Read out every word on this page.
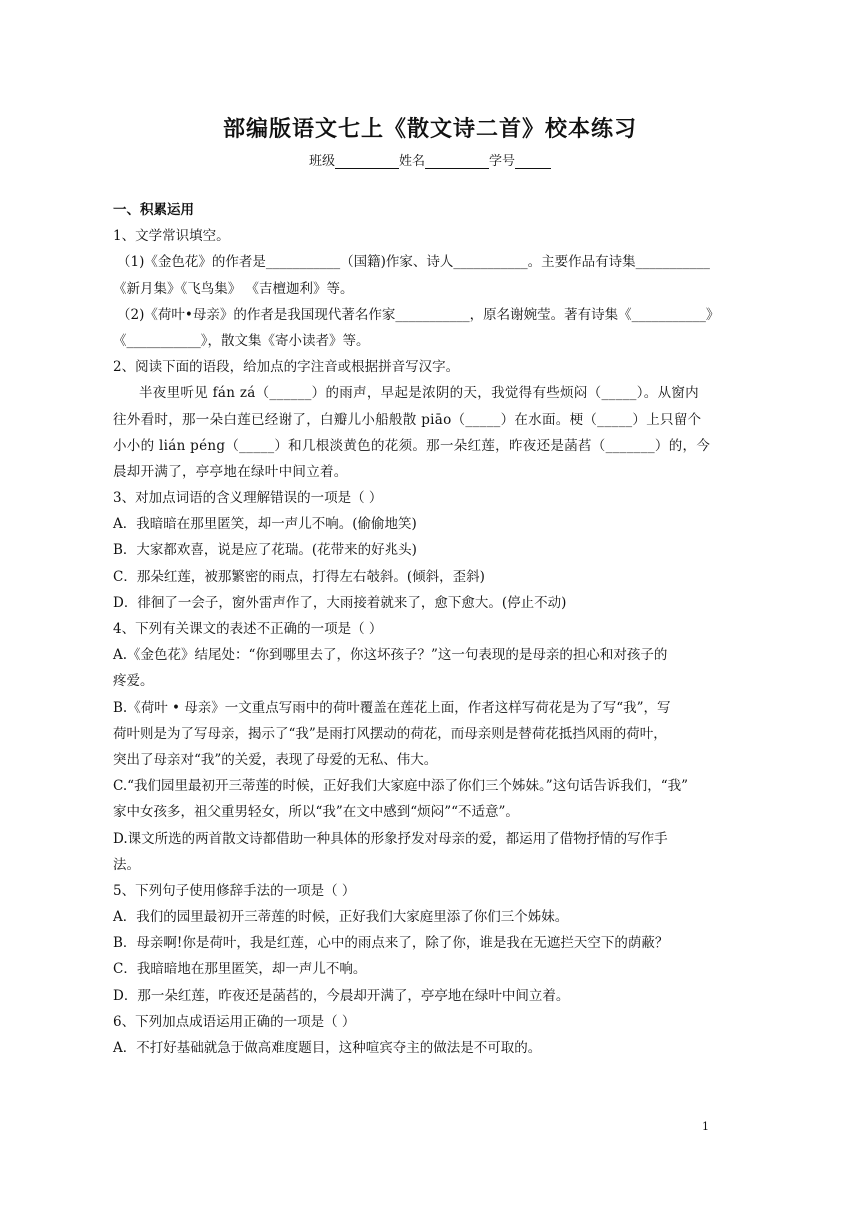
部编版语文七上《散文诗二首》校本练习
班级	姓名	学号
一、积累运用
1、文学常识填空。
（1)《金色花》的作者是___________（国籍)作家、诗人___________。主要作品有诗集___________
《新月集》《飞鸟集》 《吉檀迦利》等。
（2)《荷叶•母亲》的作者是我国现代著名作家___________，原名谢婉莹。著有诗集《___________》
《___________》，散文集《寄小读者》等。
2、阅读下面的语段，给加点的字注音或根据拼音写汉字。
半夜里听见 fán zá（______）的雨声，早起是浓阴的天，我觉得有些烦闷（_____）。从窗内
往外看时，那一朵白莲已经谢了，白瓣儿小船般散 piāo（_____）在水面。梗（_____）上只留个
小小的 lián péng（_____）和几根淡黄色的花须。那一朵红莲，昨夜还是菡萏（_______）的，今
晨却开满了，亭亭地在绿叶中间立着。
3、对加点词语的含义理解错误的一项是（ ）
A．我暗暗在那里匿笑，却一声儿不响。(偷偷地笑)
B．大家都欢喜，说是应了花瑞。(花带来的好兆头)
C．那朵红莲，被那繁密的雨点，打得左右攲斜。(倾斜，歪斜)
D．徘徊了一会子，窗外雷声作了，大雨接着就来了，愈下愈大。(停止不动)
4、下列有关课文的表述不正确的一项是（ ）
A.《金色花》结尾处：“你到哪里去了，你这坏孩子？”这一句表现的是母亲的担心和对孩子的
疼爱。
B.《荷叶 • 母亲》一文重点写雨中的荷叶覆盖在莲花上面，作者这样写荷花是为了写“我”，写
荷叶则是为了写母亲，揭示了“我”是雨打风摆动的荷花，而母亲则是替荷花抵挡风雨的荷叶，
突出了母亲对“我”的关爱，表现了母爱的无私、伟大。
C.“我们园里最初开三蒂莲的时候，正好我们大家庭中添了你们三个姊妹。”这句话告诉我们，“我”
家中女孩多，祖父重男轻女，所以“我”在文中感到“烦闷”“不适意”。
D.课文所选的两首散文诗都借助一种具体的形象抒发对母亲的爱，都运用了借物抒情的写作手
法。
5、下列句子使用修辞手法的一项是（ ）
A．我们的园里最初开三蒂莲的时候，正好我们大家庭里添了你们三个姊妹。
B．母亲啊!你是荷叶，我是红莲，心中的雨点来了，除了你，谁是我在无遮拦天空下的荫蔽？
C．我暗暗地在那里匿笑，却一声儿不响。
D．那一朵红莲，昨夜还是菡萏的，今晨却开满了，亭亭地在绿叶中间立着。
6、下列加点成语运用正确的一项是（ ）
A．不打好基础就急于做高难度题目，这种喧宾夺主的做法是不可取的。
1
